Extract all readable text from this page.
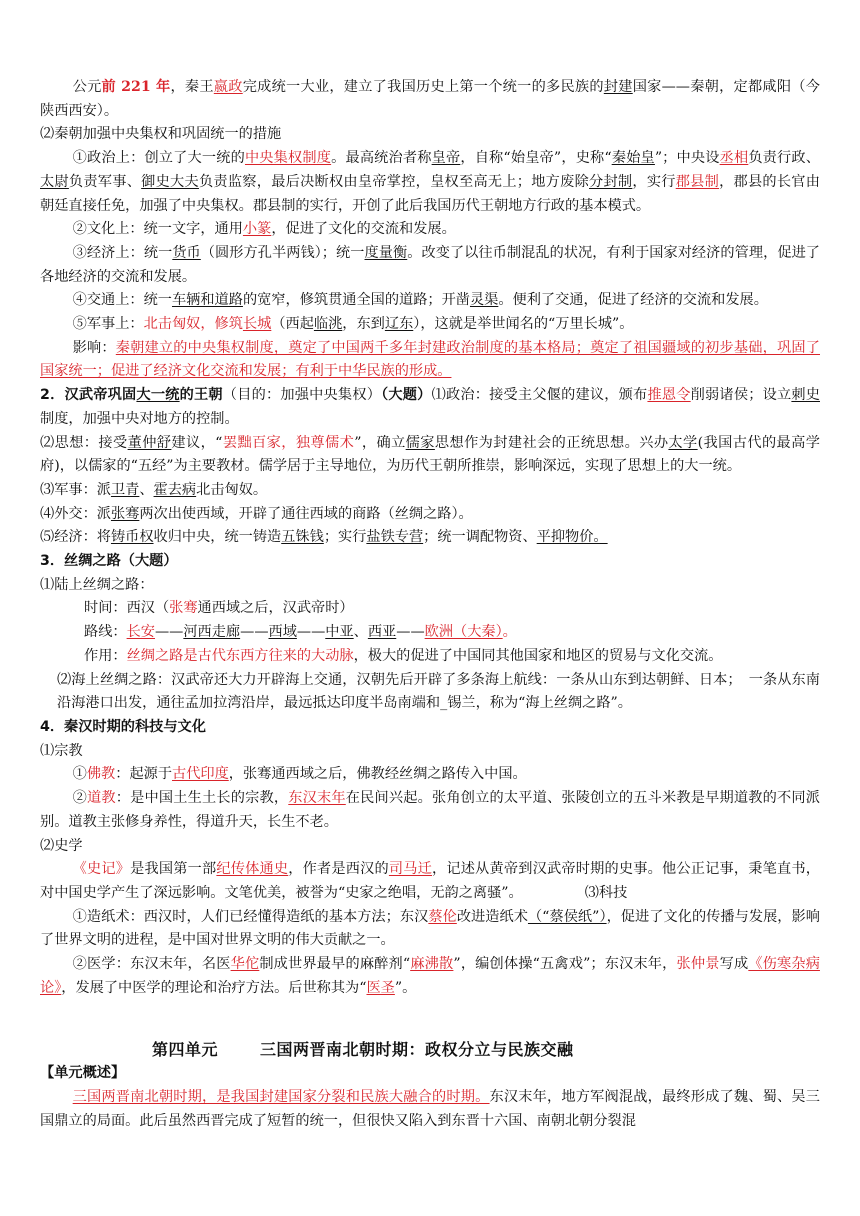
公元前 221 年，秦王嬴政完成统一大业，建立了我国历史上第一个统一的多民族的封建国家——秦朝，定都咸阳（今陕西西安）。

⑵秦朝加强中央集权和巩固统一的措施

①政治上：创立了大一统的中央集权制度。最高统治者称皇帝，自称“始皇帝”，史称“秦始皇”；中央设丞相负责行政、太尉负责军事、御史大夫负责监察，最后决断权由皇帝掌控，皇权至高无上；地方废除分封制，实行郡县制，郡县的长官由朝廷直接任免，加强了中央集权。郡县制的实行，开创了此后我国历代王朝地方行政的基本模式。

②文化上：统一文字，通用小篆，促进了文化的交流和发展。

③经济上：统一货币（圆形方孔半两钱）；统一度量衡。改变了以往币制混乱的状况，有利于国家对经济的管理，促进了各地经济的交流和发展。

④交通上：统一车辆和道路的宽窄，修筑贯通全国的道路；开凿灵渠。便利了交通，促进了经济的交流和发展。

⑤军事上：北击匈奴，修筑长城（西起临洮，东到辽东），这就是举世闻名的“万里长城”。

影响：秦朝建立的中央集权制度，奠定了中国两千多年封建政治制度的基本格局；奠定了祖国疆域的初步基础，巩固了国家统一；促进了经济文化交流和发展；有利于中华民族的形成。

2．汉武帝巩固大一统的王朝（目的：加强中央集权）（大题）⑴政治：接受主父偃的建议，颁布推恩令削弱诸侯；设立刺史制度，加强中央对地方的控制。

⑵思想：接受董仲舒建议，“罢黜百家，独尊儒术”，确立儒家思想作为封建社会的正统思想。兴办太学(我国古代的最高学府)，以儒家的“五经”为主要教材。儒学居于主导地位，为历代王朝所推崇，影响深远，实现了思想上的大一统。

⑶军事：派卫青、霍去病北击匈奴。

⑷外交：派张骞两次出使西域，开辟了通往西域的商路（丝绸之路）。

⑸经济：将铸币权收归中央，统一铸造五铢钱；实行盐铁专营；统一调配物资、平抑物价。

3．丝绸之路（大题）

⑴陆上丝绸之路：

时间：西汉（张骞通西域之后，汉武帝时）

路线：长安——河西走廊——西域——中亚、西亚——欧洲（大秦）。

作用：丝绸之路是古代东西方往来的大动脉，极大的促进了中国同其他国家和地区的贸易与文化交流。

⑵海上丝绸之路：汉武帝还大力开辟海上交通，汉朝先后开辟了多条海上航线：一条从山东到达朝鲜、日本；　一条从东南沿海港口出发，通往孟加拉湾沿岸，最远抵达印度半岛南端和_锡兰，称为“海上丝绸之路”。

4．秦汉时期的科技与文化

⑴宗教

①佛教：起源于古代印度，张骞通西域之后，佛教经丝绸之路传入中国。

②道教：是中国土生土长的宗教，东汉末年在民间兴起。张角创立的太平道、张陵创立的五斗米教是早期道教的不同派别。道教主张修身养性，得道升天，长生不老。

⑵史学

《史记》是我国第一部纪传体通史，作者是西汉的司马迁，记述从黄帝到汉武帝时期的史事。他公正记事，秉笔直书，对中国史学产生了深远影响。文笔优美，被誉为“史家之绝唱，无韵之离骚”。	⑶科技

①造纸术：西汉时，人们已经懂得造纸的基本方法；东汉蔡伦改进造纸术（“蔡侯纸”），促进了文化的传播与发展，影响了世界文明的进程，是中国对世界文明的伟大贡献之一。

②医学：东汉末年，名医华佗制成世界最早的麻醉剂“麻沸散”，编创体操“五禽戏”；东汉末年，张仲景写成《伤寒杂病论》，发展了中医学的理论和治疗方法。后世称其为“医圣”。

第四单元	三国两晋南北朝时期：政权分立与民族交融

【单元概述】

三国两晋南北朝时期，是我国封建国家分裂和民族大融合的时期。东汉末年，地方军阀混战，最终形成了魏、蜀、吴三国鼎立的局面。此后虽然西晋完成了短暂的统一，但很快又陷入到东晋十六国、南朝北朝分裂混
